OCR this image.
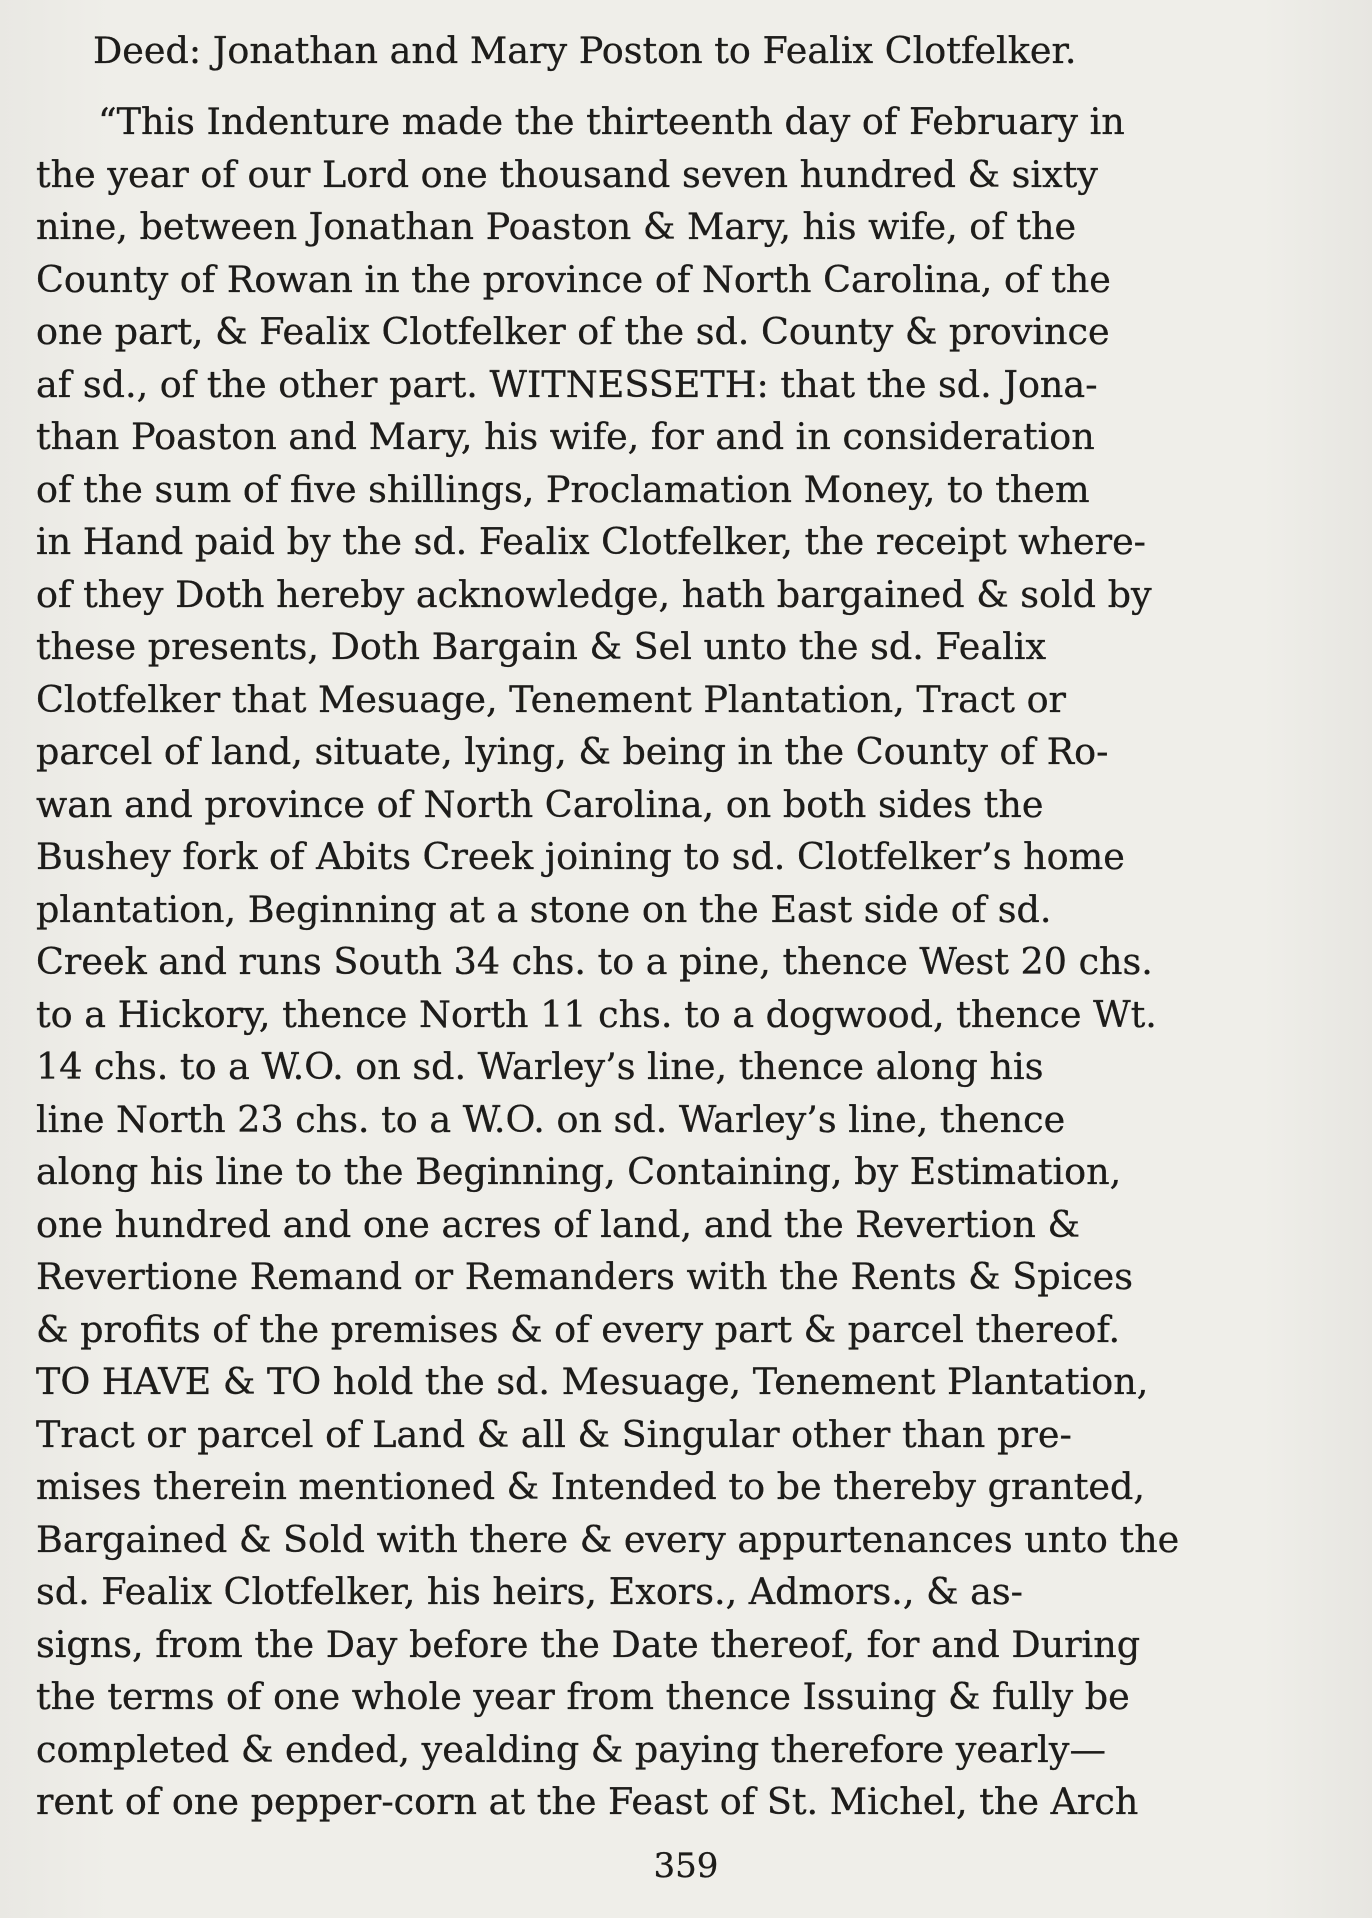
Deed: Jonathan and Mary Poston to Fealix Clotfelker.
“This Indenture made the thirteenth day of February in
the year of our Lord one thousand seven hundred & sixty
nine, between Jonathan Poaston & Mary, his wife, of the
County of Rowan in the province of North Carolina, of the
one part, & Fealix Clotfelker of the sd. County & province
af sd., of the other part. WITNESSETH: that the sd. Jona-
than Poaston and Mary, his wife, for and in consideration
of the sum of five shillings, Proclamation Money, to them
in Hand paid by the sd. Fealix Clotfelker, the receipt where-
of they Doth hereby acknowledge, hath bargained & sold by
these presents, Doth Bargain & Sel unto the sd. Fealix
Clotfelker that Mesuage, Tenement Plantation, Tract or
parcel of land, situate, lying, & being in the County of Ro-
wan and province of North Carolina, on both sides the
Bushey fork of Abits Creek joining to sd. Clotfelker’s home
plantation, Beginning at a stone on the East side of sd.
Creek and runs South 34 chs. to a pine, thence West 20 chs.
to a Hickory, thence North 11 chs. to a dogwood, thence Wt.
14 chs. to a W.O. on sd. Warley’s line, thence along his
line North 23 chs. to a W.O. on sd. Warley’s line, thence
along his line to the Beginning, Containing, by Estimation,
one hundred and one acres of land, and the Revertion &
Revertione Remand or Remanders with the Rents & Spices
& profits of the premises & of every part & parcel thereof.
TO HAVE & TO hold the sd. Mesuage, Tenement Plantation,
Tract or parcel of Land & all & Singular other than pre-
mises therein mentioned & Intended to be thereby granted,
Bargained & Sold with there & every appurtenances unto the
sd. Fealix Clotfelker, his heirs, Exors., Admors., & as-
signs, from the Day before the Date thereof, for and During
the terms of one whole year from thence Issuing & fully be
completed & ended, yealding & paying therefore yearly—
rent of one pepper-corn at the Feast of St. Michel, the Arch
359
